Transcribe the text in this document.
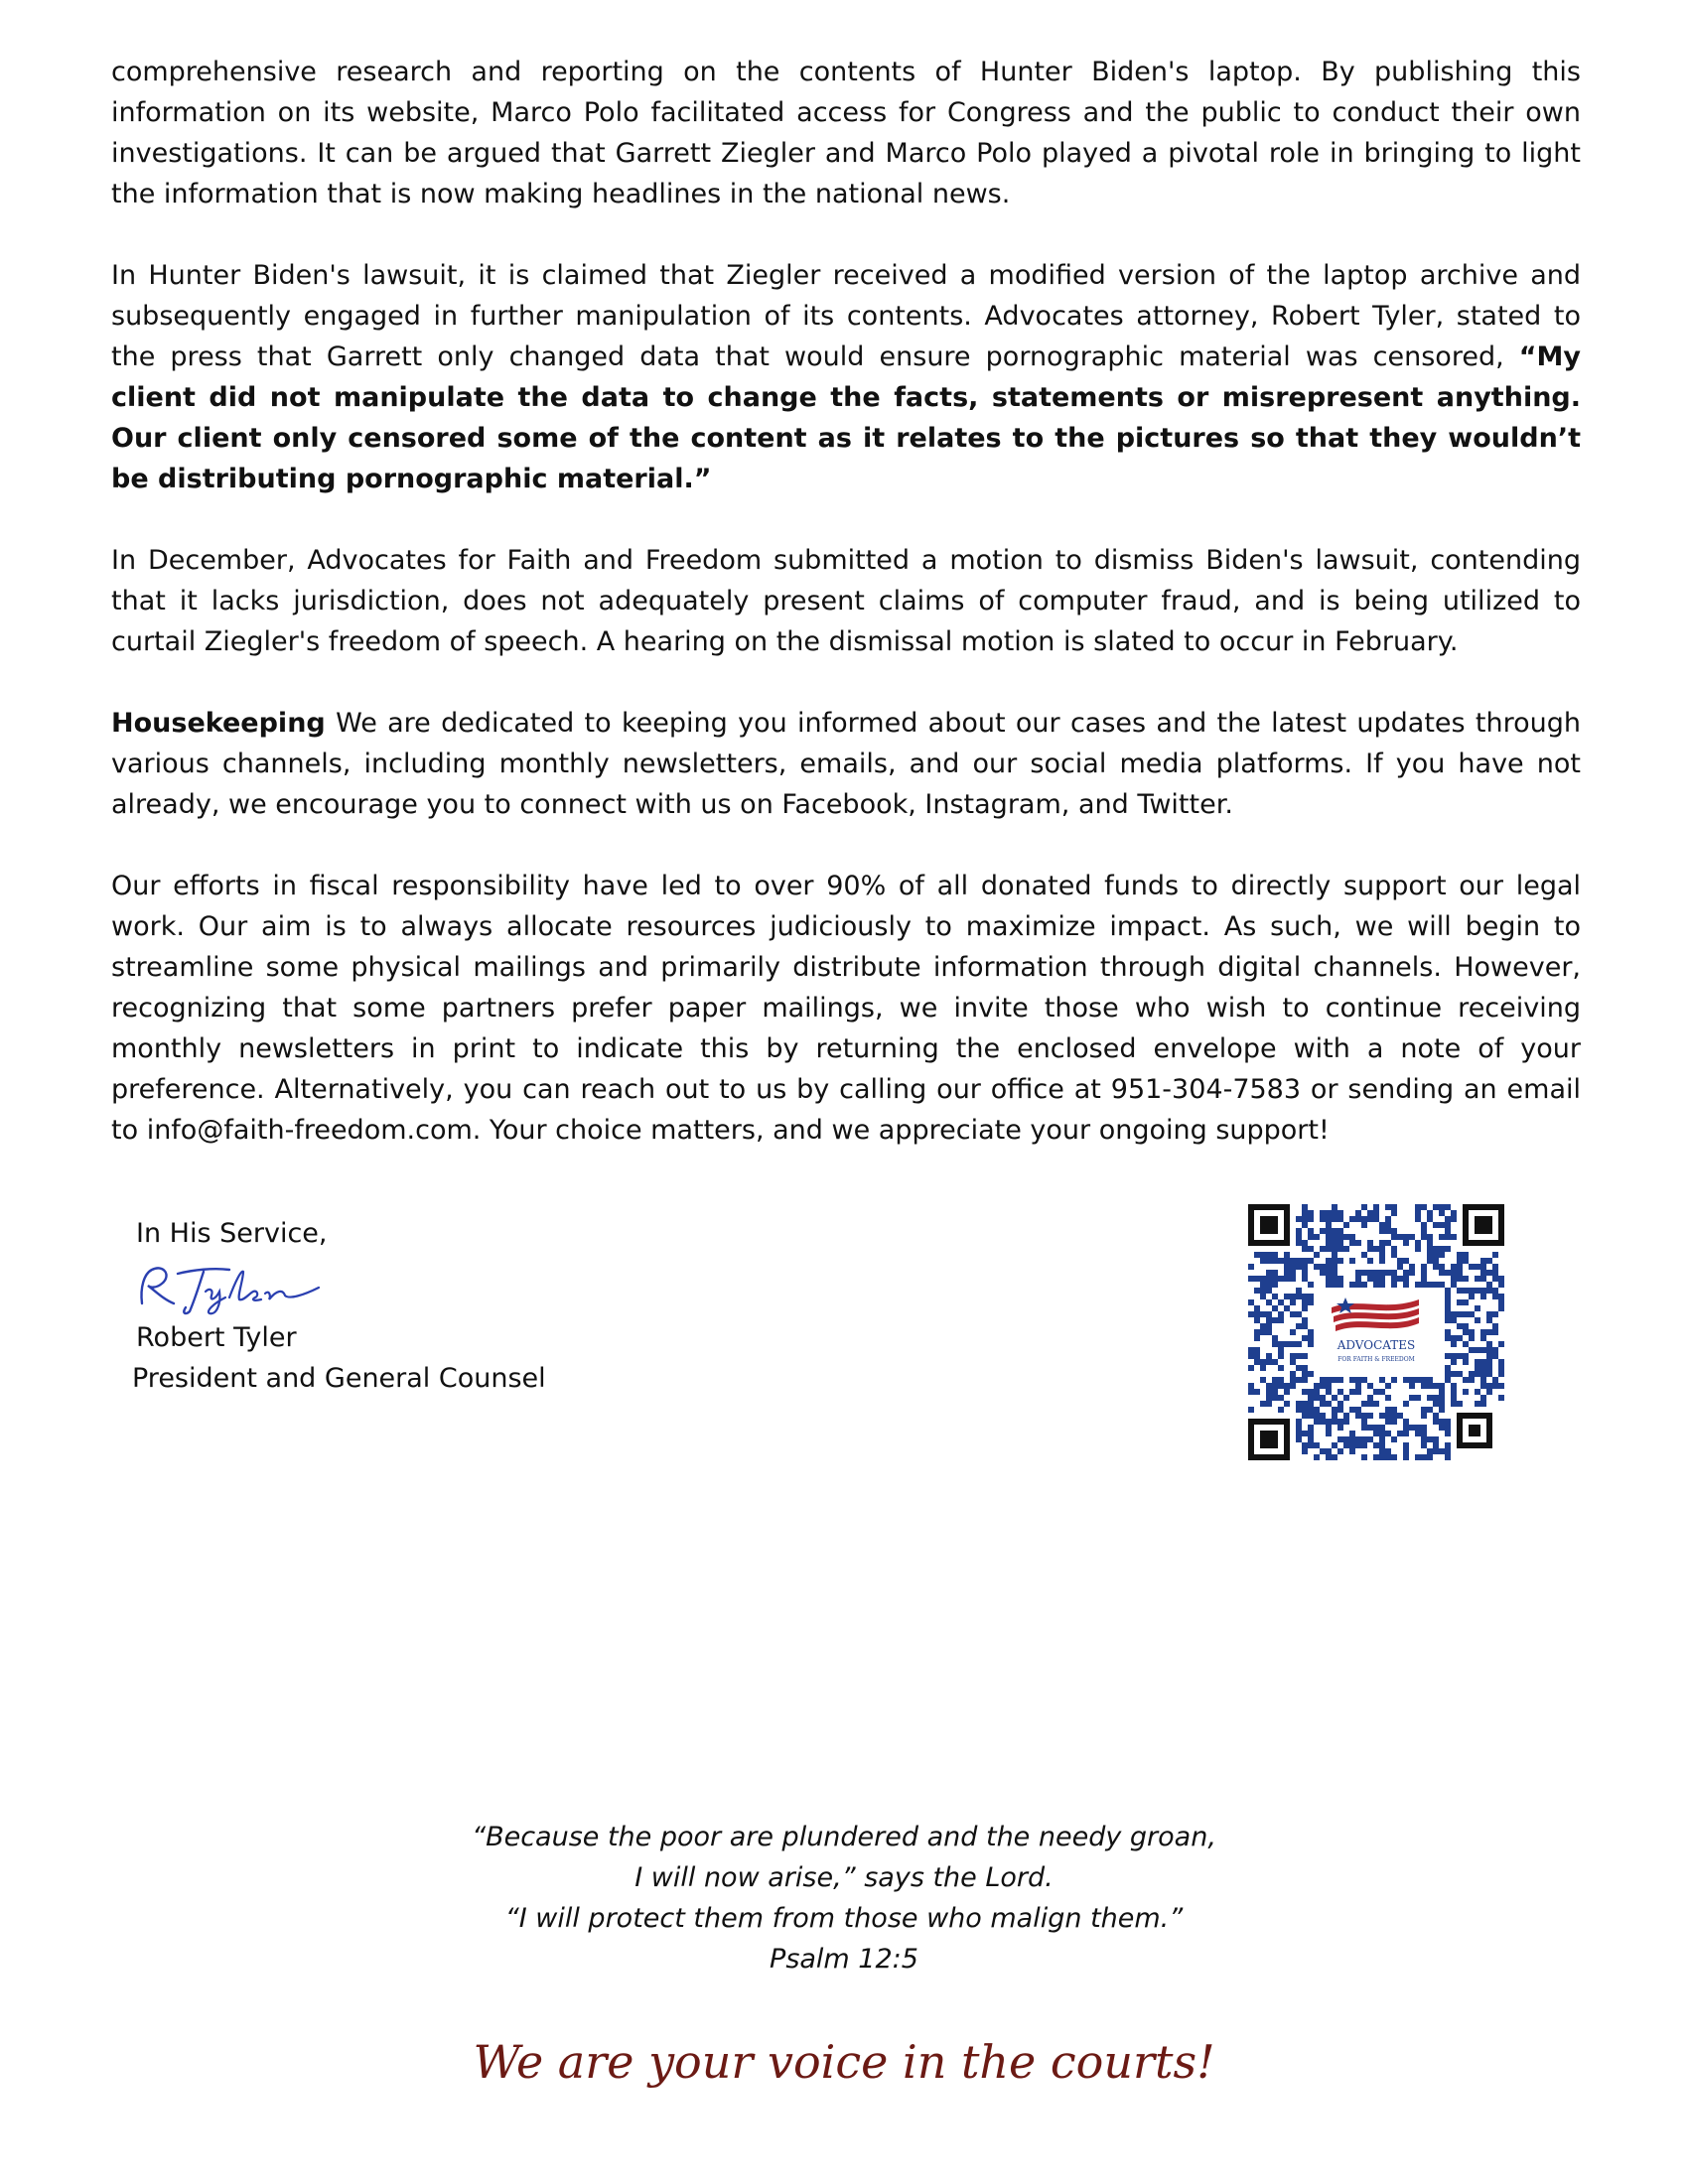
comprehensive research and reporting on the contents of Hunter Biden's laptop. By publishing this information on its website, Marco Polo facilitated access for Congress and the public to conduct their own investigations. It can be argued that Garrett Ziegler and Marco Polo played a pivotal role in bringing to light the information that is now making headlines in the national news.

In Hunter Biden's lawsuit, it is claimed that Ziegler received a modified version of the laptop archive and subsequently engaged in further manipulation of its contents. Advocates attorney, Robert Tyler, stated to the press that Garrett only changed data that would ensure pornographic material was censored, “My client did not manipulate the data to change the facts, statements or misrepresent anything. Our client only censored some of the content as it relates to the pictures so that they wouldn’t be distributing pornographic material.”

In December, Advocates for Faith and Freedom submitted a motion to dismiss Biden's lawsuit, contending that it lacks jurisdiction, does not adequately present claims of computer fraud, and is being utilized to curtail Ziegler's freedom of speech. A hearing on the dismissal motion is slated to occur in February.

Housekeeping We are dedicated to keeping you informed about our cases and the latest updates through various channels, including monthly newsletters, emails, and our social media platforms. If you have not already, we encourage you to connect with us on Facebook, Instagram, and Twitter.

Our efforts in fiscal responsibility have led to over 90% of all donated funds to directly support our legal work. Our aim is to always allocate resources judiciously to maximize impact. As such, we will begin to streamline some physical mailings and primarily distribute information through digital channels. However, recognizing that some partners prefer paper mailings, we invite those who wish to continue receiving monthly newsletters in print to indicate this by returning the enclosed envelope with a note of your preference. Alternatively, you can reach out to us by calling our office at 951-304-7583 or sending an email to info@faith-freedom.com. Your choice matters, and we appreciate your ongoing support!

In His Service,
Robert Tyler
President and General Counsel
ADVOCATES
FOR FAITH & FREEDOM
“Because the poor are plundered and the needy groan,
I will now arise,” says the Lord.
“I will protect them from those who malign them.”
Psalm 12:5
We are your voice in the courts!
